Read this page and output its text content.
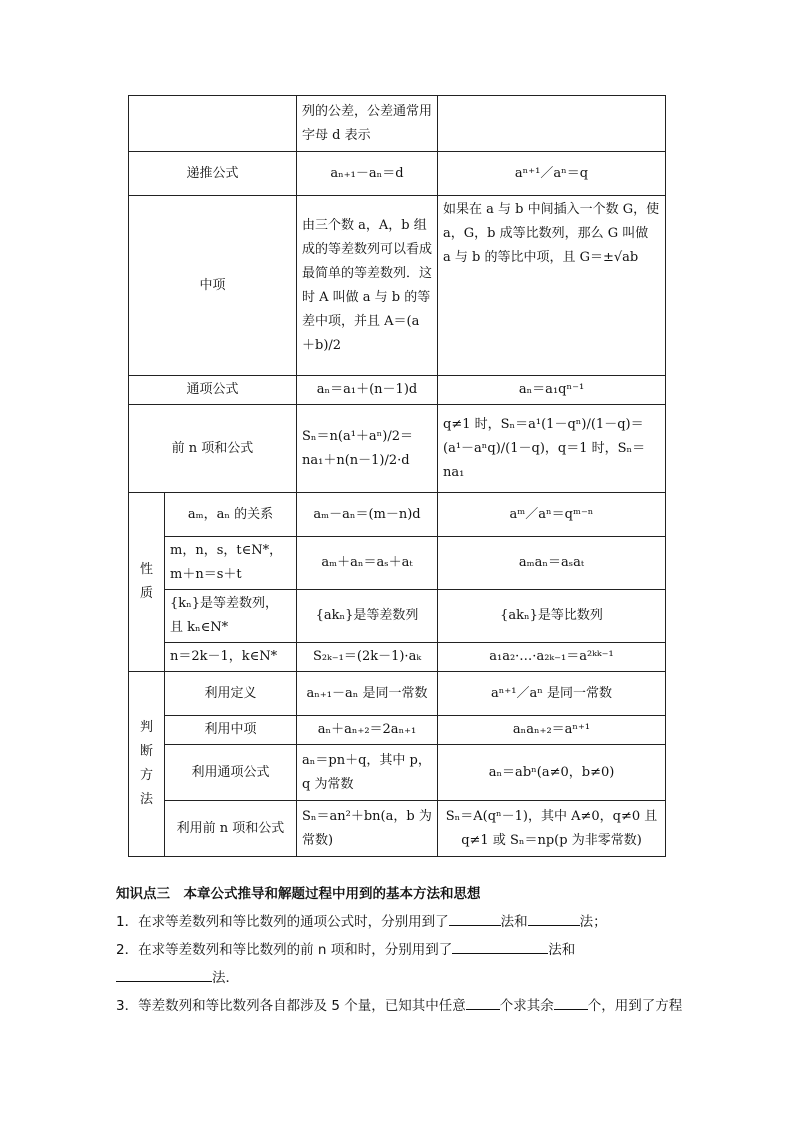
		列的公差，公差通常用字母 d 表示	
递推公式		aₙ₊₁－aₙ＝d	aⁿ⁺¹／aⁿ＝q
中项		由三个数 a，A，b 组成的等差数列可以看成最简单的等差数列．这时 A 叫做 a 与 b 的等差中项，并且 A＝(a＋b)/2	如果在 a 与 b 中间插入一个数 G，使 a，G，b 成等比数列，那么 G 叫做 a 与 b 的等比中项，且 G＝±√ab
通项公式		aₙ＝a₁＋(n－1)d	aₙ＝a₁qⁿ⁻¹
前 n 项和公式		Sₙ＝n(a¹＋aⁿ)/2＝na₁＋n(n－1)/2·d	q≠1 时，Sₙ＝a¹(1－qⁿ)/(1－q)＝(a¹－aⁿq)/(1－q)，q＝1 时，Sₙ＝na₁
性质	aₘ，aₙ 的关系	aₘ－aₙ＝(m－n)d	aᵐ／aⁿ＝qᵐ⁻ⁿ
	m，n，s，t∈N*，m＋n＝s＋t	aₘ＋aₙ＝aₛ＋aₜ	aₘaₙ＝aₛaₜ
	{kₙ}是等差数列，且 kₙ∈N*	{akₙ}是等差数列	{akₙ}是等比数列
	n＝2k－1，k∈N*	S₂ₖ₋₁＝(2k－1)·aₖ	a₁a₂·…·a₂ₖ₋₁＝a²ᵏᵏ⁻¹
判断方法	利用定义	aₙ₊₁－aₙ 是同一常数	aⁿ⁺¹／aⁿ 是同一常数
	利用中项	aₙ＋aₙ₊₂＝2aₙ₊₁	aₙaₙ₊₂＝aⁿ⁺¹
	利用通项公式	aₙ＝pn＋q，其中 p，q 为常数	aₙ＝abⁿ(a≠0，b≠0)
	利用前 n 项和公式	Sₙ＝an²＋bn(a，b 为常数)	Sₙ＝A(qⁿ－1)，其中 A≠0，q≠0 且 q≠1 或 Sₙ＝np(p 为非零常数)
知识点三　本章公式推导和解题过程中用到的基本方法和思想
1．在求等差数列和等比数列的通项公式时，分别用到了	法和	法；
2．在求等差数列和等比数列的前 n 项和时，分别用到了	法和
法．
3．等差数列和等比数列各自都涉及 5 个量，已知其中任意	个求其余	个，用到了方程
